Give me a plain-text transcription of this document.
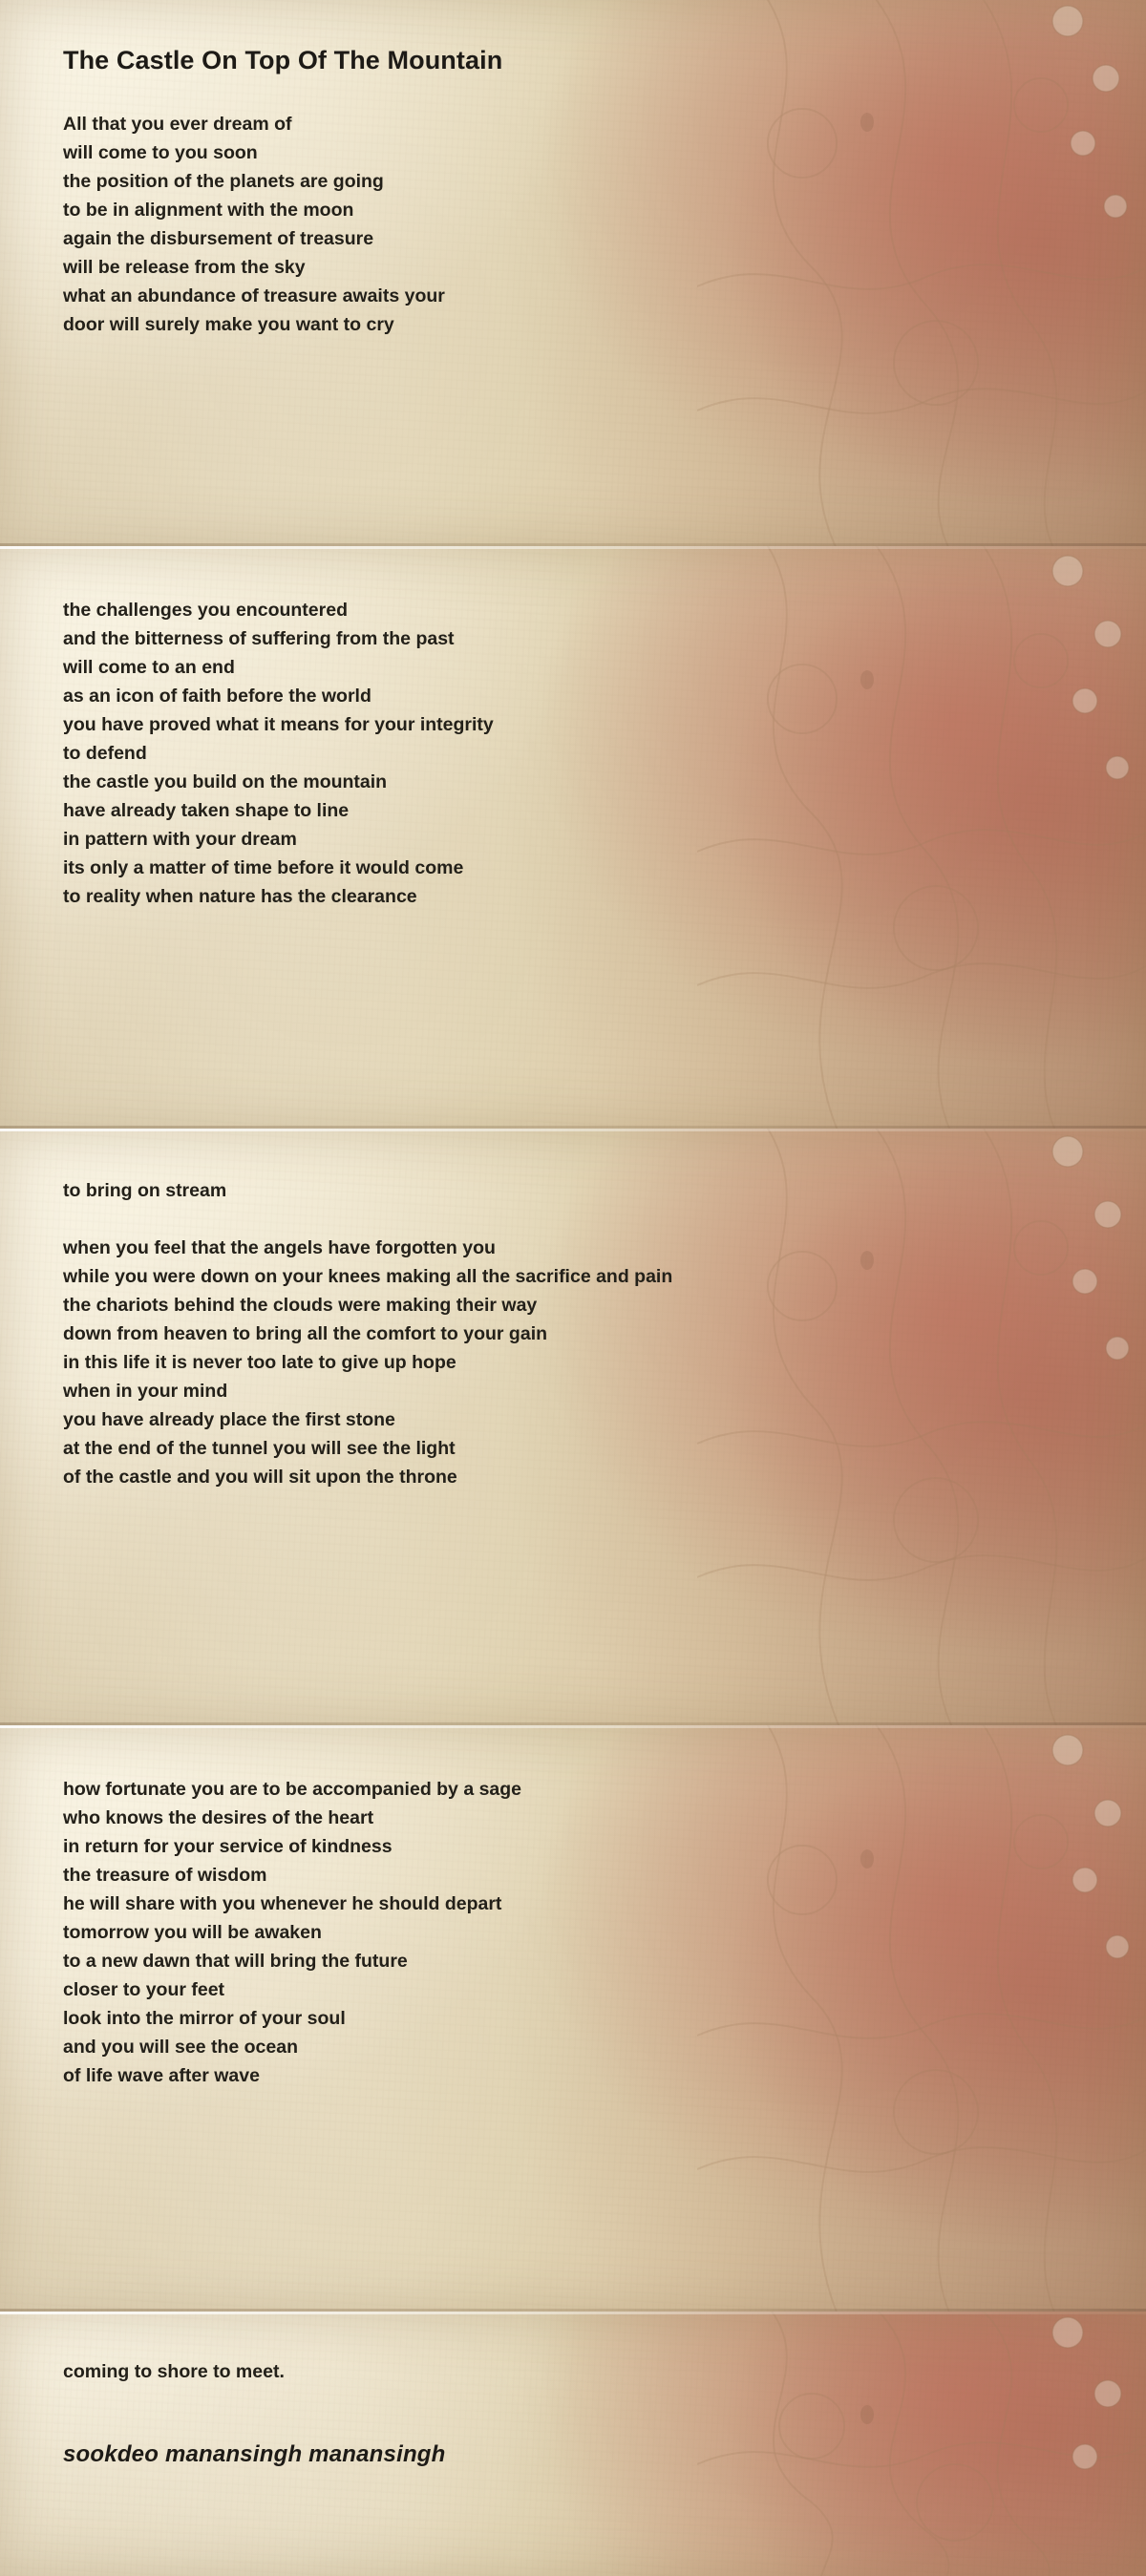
The Castle On Top Of The Mountain
All that you ever dream of
will come to you soon
the position of the planets are going
to be in alignment with the moon
again the disbursement of treasure
will be release from the sky
what an abundance of treasure awaits your
door will surely make you want to cry
the challenges you encountered
and the bitterness of suffering from the past
will come to an end
as an icon of faith before the world
you have proved what it means for your integrity
to defend
the castle you build on the mountain
have already taken shape to line
in pattern with your dream
its only a matter of time before it would come
to reality when nature has the clearance
to bring on stream
when you feel that the angels have forgotten you
while you were down on your knees making all the sacrifice and pain
the chariots behind the clouds were making their way
down from heaven to bring all the comfort to your gain
in this life it is never too late to give up hope
when in your mind
you have already place the first stone
at the end of the tunnel you will see the light
of the castle and you will sit upon the throne
how fortunate you are to be accompanied by a sage
who knows the desires of the heart
in return for your service of kindness
the treasure of wisdom
he will share with you whenever he should depart
tomorrow you will be awaken
to a new dawn that will bring the future
closer to your feet
look into the mirror of your soul
and you will see the ocean
of life wave after wave
coming to shore to meet.
sookdeo manansingh manansingh
